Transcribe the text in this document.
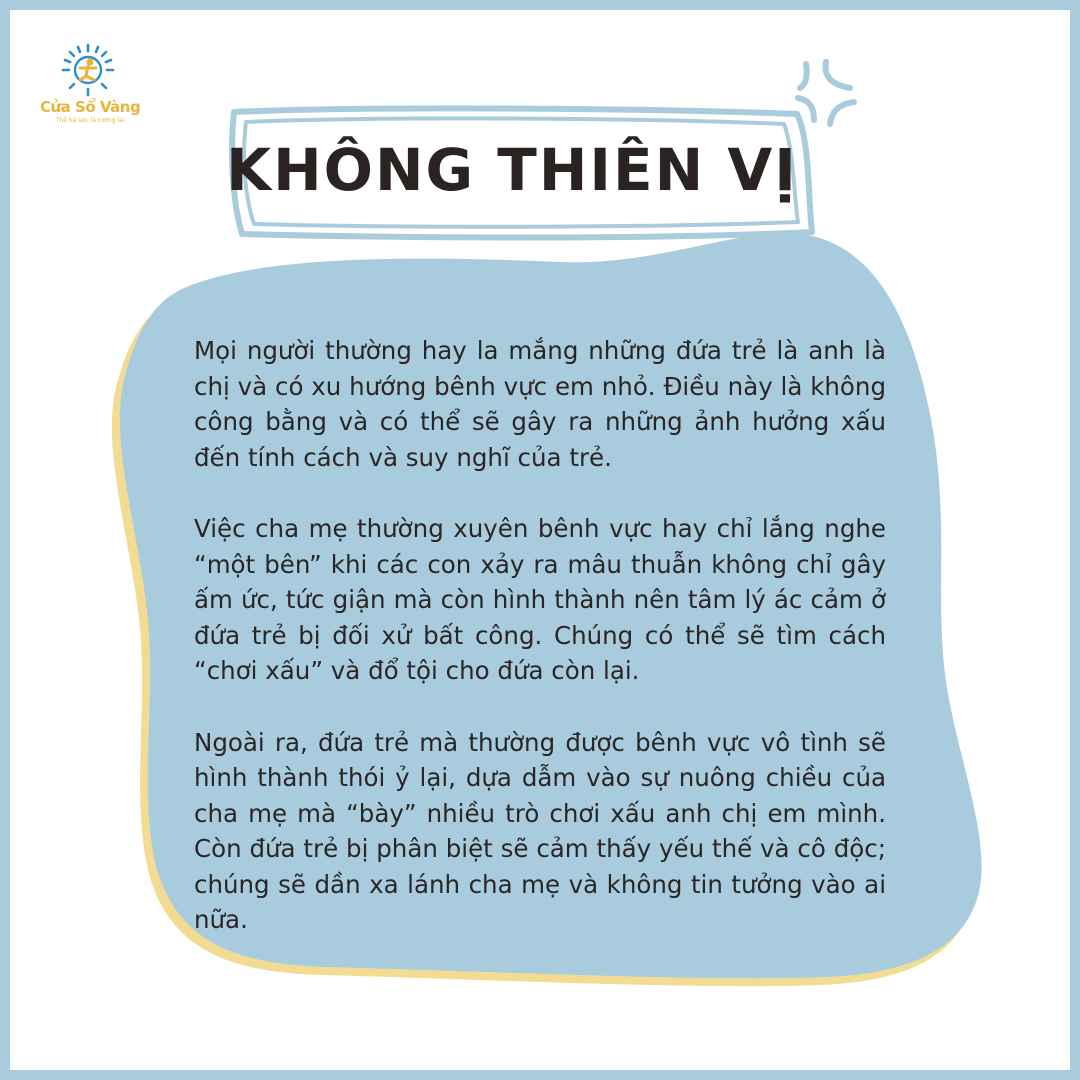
Cửa Sổ Vàng
Thế hệ sau là tương lai
KHÔNG THIÊN VỊ

Mọi người thường hay la mắng những đứa trẻ là anh là chị và có xu hướng bênh vực em nhỏ. Điều này là không công bằng và có thể sẽ gây ra những ảnh hưởng xấu đến tính cách và suy nghĩ của trẻ.

Việc cha mẹ thường xuyên bênh vực hay chỉ lắng nghe “một bên” khi các con xảy ra mâu thuẫn không chỉ gây ấm ức, tức giận mà còn hình thành nên tâm lý ác cảm ở đứa trẻ bị đối xử bất công. Chúng có thể sẽ tìm cách “chơi xấu” và đổ tội cho đứa còn lại.

Ngoài ra, đứa trẻ mà thường được bênh vực vô tình sẽ hình thành thói ỷ lại, dựa dẫm vào sự nuông chiều của cha mẹ mà “bày” nhiều trò chơi xấu anh chị em mình. Còn đứa trẻ bị phân biệt sẽ cảm thấy yếu thế và cô độc; chúng sẽ dần xa lánh cha mẹ và không tin tưởng vào ai nữa.
